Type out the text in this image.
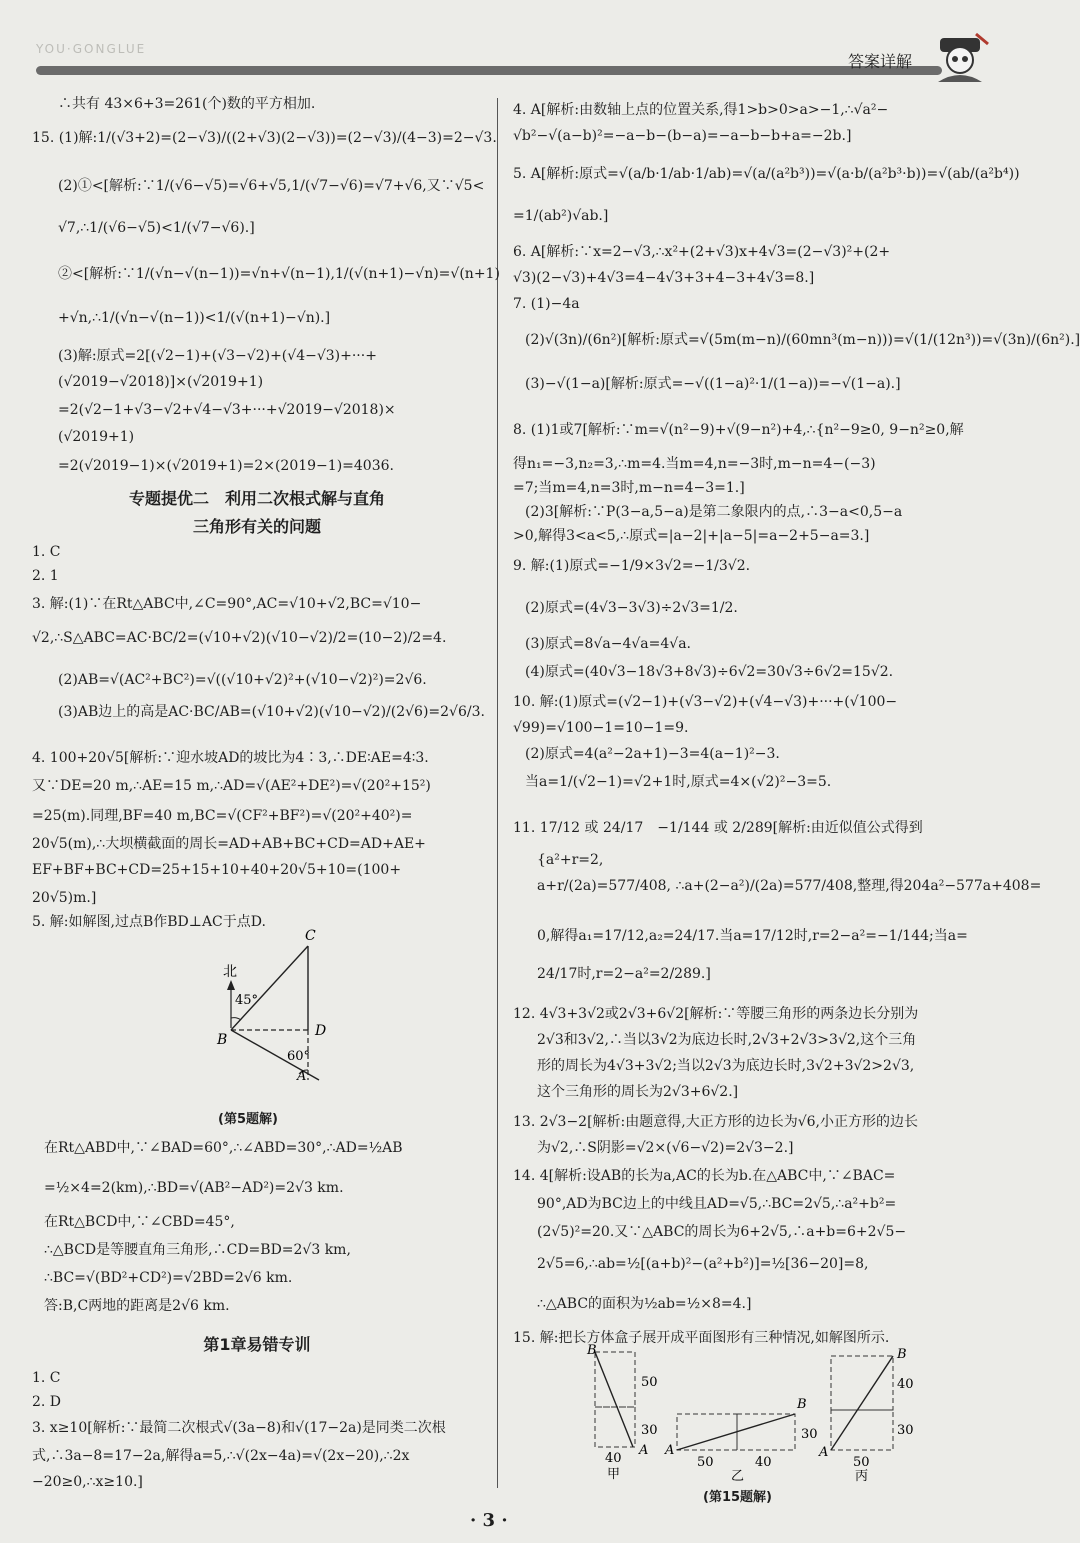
YOU·GONGLUE
答案详解
∴共有 43×6+3=261(个)数的平方相加.
15. (1)解:1/(√3+2)=(2−√3)/((2+√3)(2−√3))=(2−√3)/(4−3)=2−√3.
(2)①<[解析:∵1/(√6−√5)=√6+√5,1/(√7−√6)=√7+√6,又∵√5<
√7,∴1/(√6−√5)<1/(√7−√6).]
②<[解析:∵1/(√n−√(n−1))=√n+√(n−1),1/(√(n+1)−√n)=√(n+1)
+√n,∴1/(√n−√(n−1))<1/(√(n+1)−√n).]
(3)解:原式=2[(√2−1)+(√3−√2)+(√4−√3)+···+
(√2019−√2018)]×(√2019+1)
=2(√2−1+√3−√2+√4−√3+···+√2019−√2018)×
(√2019+1)
=2(√2019−1)×(√2019+1)=2×(2019−1)=4036.
专题提优二　利用二次根式解与直角
三角形有关的问题
1. C
2. 1
3. 解:(1)∵在Rt△ABC中,∠C=90°,AC=√10+√2,BC=√10−
√2,∴S△ABC=AC·BC/2=(√10+√2)(√10−√2)/2=(10−2)/2=4.
(2)AB=√(AC²+BC²)=√((√10+√2)²+(√10−√2)²)=2√6.
(3)AB边上的高是AC·BC/AB=(√10+√2)(√10−√2)/(2√6)=2√6/3.
4. 100+20√5[解析:∵迎水坡AD的坡比为4∶3,∴DE∶AE=4∶3.
又∵DE=20 m,∴AE=15 m,∴AD=√(AE²+DE²)=√(20²+15²)
=25(m).同理,BF=40 m,BC=√(CF²+BF²)=√(20²+40²)=
20√5(m),∴大坝横截面的周长=AD+AB+BC+CD=AD+AE+
EF+BF+BC+CD=25+15+10+40+20√5+10=(100+
20√5)m.]
5. 解:如解图,过点B作BD⊥AC于点D.
北
45°
60°
C
B
D
A
(第5题解)
在Rt△ABD中,∵∠BAD=60°,∴∠ABD=30°,∴AD=½AB
=½×4=2(km),∴BD=√(AB²−AD²)=2√3 km.
在Rt△BCD中,∵∠CBD=45°,
∴△BCD是等腰直角三角形,∴CD=BD=2√3 km,
∴BC=√(BD²+CD²)=√2BD=2√6 km.
答:B,C两地的距离是2√6 km.
第1章易错专训
1. C
2. D
3. x≥10[解析:∵最简二次根式√(3a−8)和√(17−2a)是同类二次根
式,∴3a−8=17−2a,解得a=5,∴√(2x−4a)=√(2x−20),∴2x
−20≥0,∴x≥10.]
4. A[解析:由数轴上点的位置关系,得1>b>0>a>−1,∴√a²−
√b²−√(a−b)²=−a−b−(b−a)=−a−b−b+a=−2b.]
5. A[解析:原式=√(a/b·1/ab·1/ab)=√(a/(a²b³))=√(a·b/(a²b³·b))=√(ab/(a²b⁴))
=1/(ab²)√ab.]
6. A[解析:∵x=2−√3,∴x²+(2+√3)x+4√3=(2−√3)²+(2+
√3)(2−√3)+4√3=4−4√3+3+4−3+4√3=8.]
7. (1)−4a
(2)√(3n)/(6n²)[解析:原式=√(5m(m−n)/(60mn³(m−n)))=√(1/(12n³))=√(3n)/(6n²).]
(3)−√(1−a)[解析:原式=−√((1−a)²·1/(1−a))=−√(1−a).]
8. (1)1或7[解析:∵m=√(n²−9)+√(9−n²)+4,∴{n²−9≥0, 9−n²≥0,解
得n₁=−3,n₂=3,∴m=4.当m=4,n=−3时,m−n=4−(−3)
=7;当m=4,n=3时,m−n=4−3=1.]
(2)3[解析:∵P(3−a,5−a)是第二象限内的点,∴3−a<0,5−a
>0,解得3<a<5,∴原式=|a−2|+|a−5|=a−2+5−a=3.]
9. 解:(1)原式=−1/9×3√2=−1/3√2.
(2)原式=(4√3−3√3)÷2√3=1/2.
(3)原式=8√a−4√a=4√a.
(4)原式=(40√3−18√3+8√3)÷6√2=30√3÷6√2=15√2.
10. 解:(1)原式=(√2−1)+(√3−√2)+(√4−√3)+···+(√100−
√99)=√100−1=10−1=9.
(2)原式=4(a²−2a+1)−3=4(a−1)²−3.
当a=1/(√2−1)=√2+1时,原式=4×(√2)²−3=5.
11. 17/12 或 24/17　−1/144 或 2/289[解析:由近似值公式得到
{a²+r=2,
a+r/(2a)=577/408, ∴a+(2−a²)/(2a)=577/408,整理,得204a²−577a+408=
0,解得a₁=17/12,a₂=24/17.当a=17/12时,r=2−a²=−1/144;当a=
24/17时,r=2−a²=2/289.]
12. 4√3+3√2或2√3+6√2[解析:∵等腰三角形的两条边长分别为
2√3和3√2,∴当以3√2为底边长时,2√3+2√3>3√2,这个三角
形的周长为4√3+3√2;当以2√3为底边长时,3√2+3√2>2√3,
这个三角形的周长为2√3+6√2.]
13. 2√3−2[解析:由题意得,大正方形的边长为√6,小正方形的边长
为√2,∴S阴影=√2×(√6−√2)=2√3−2.]
14. 4[解析:设AB的长为a,AC的长为b.在△ABC中,∵∠BAC=
90°,AD为BC边上的中线且AD=√5,∴BC=2√5,∴a²+b²=
(2√5)²=20.又∵△ABC的周长为6+2√5,∴a+b=6+2√5−
2√5=6,∴ab=½[(a+b)²−(a²+b²)]=½[36−20]=8,
∴△ABC的面积为½ab=½×8=4.]
15. 解:把长方体盒子展开成平面图形有三种情况,如解图所示.
B
A
50
30
40
甲
B
A
30
50	40
乙
B
A
40
30
50
丙
(第15题解)
· 3 ·
